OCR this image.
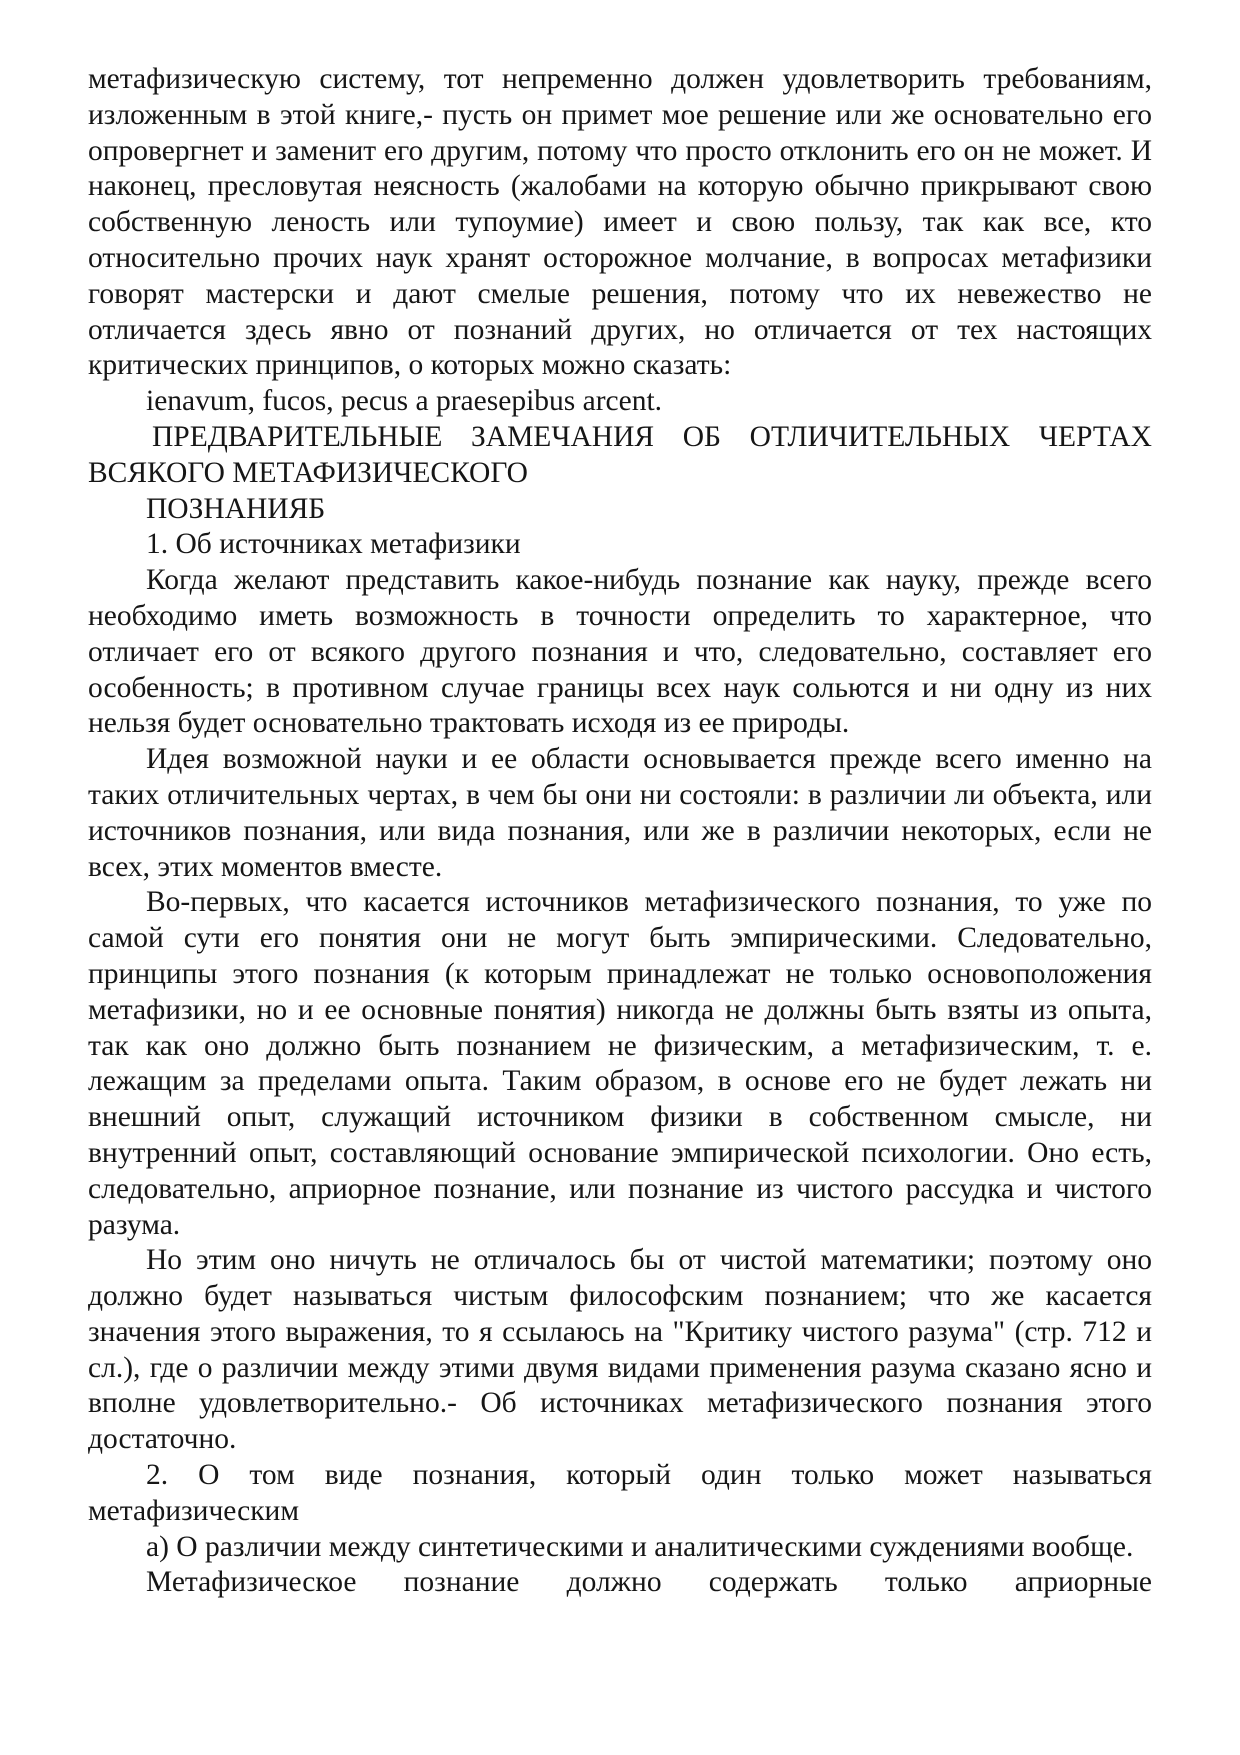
метафизическую систему, тот непременно должен удовлетворить требованиям, изложенным в этой книге,- пусть он примет мое решение или же основательно его опровергнет и заменит его другим, потому что просто отклонить его он не может. И наконец, пресловутая неясность (жалобами на которую обычно прикрывают свою собственную леность или тупоумие) имеет и свою пользу, так как все, кто относительно прочих наук хранят осторожное молчание, в вопросах метафизики говорят мастерски и дают смелые решения, потому что их невежество не отличается здесь явно от познаний других, но отличается от тех настоящих критических принципов, о которых можно сказать:

ienavum, fucos, pecus a praesepibus arcent.

ПРЕДВАРИТЕЛЬНЫЕ ЗАМЕЧАНИЯ ОБ ОТЛИЧИТЕЛЬНЫХ ЧЕРТАХ ВСЯКОГО МЕТАФИЗИЧЕСКОГО

ПОЗНАНИЯБ

1. Об источниках метафизики

Когда желают представить какое-нибудь познание как науку, прежде всего необходимо иметь возможность в точности определить то характерное, что отличает его от всякого другого познания и что, следовательно, составляет его особенность; в противном случае границы всех наук сольются и ни одну из них нельзя будет основательно трактовать исходя из ее природы.

Идея возможной науки и ее области основывается прежде всего именно на таких отличительных чертах, в чем бы они ни состояли: в различии ли объекта, или источников познания, или вида познания, или же в различии некоторых, если не всех, этих моментов вместе.

Во-первых, что касается источников метафизического познания, то уже по самой сути его понятия они не могут быть эмпирическими. Следовательно, принципы этого познания (к которым принадлежат не только основоположения метафизики, но и ее основные понятия) никогда не должны быть взяты из опыта, так как оно должно быть познанием не физическим, а метафизическим, т. е. лежащим за пределами опыта. Таким образом, в основе его не будет лежать ни внешний опыт, служащий источником физики в собственном смысле, ни внутренний опыт, составляющий основание эмпирической психологии. Оно есть, следовательно, априорное познание, или познание из чистого рассудка и чистого разума.

Но этим оно ничуть не отличалось бы от чистой математики; поэтому оно должно будет называться чистым философским познанием; что же касается значения этого выражения, то я ссылаюсь на "Критику чистого разума" (стр. 712 и сл.), где о различии между этими двумя видами применения разума сказано ясно и вполне удовлетворительно.- Об источниках метафизического познания этого достаточно.

2. О том виде познания, который один только может называться метафизическим

а) О различии между синтетическими и аналитическими суждениями вообще.

Метафизическое познание должно содержать только априорные
